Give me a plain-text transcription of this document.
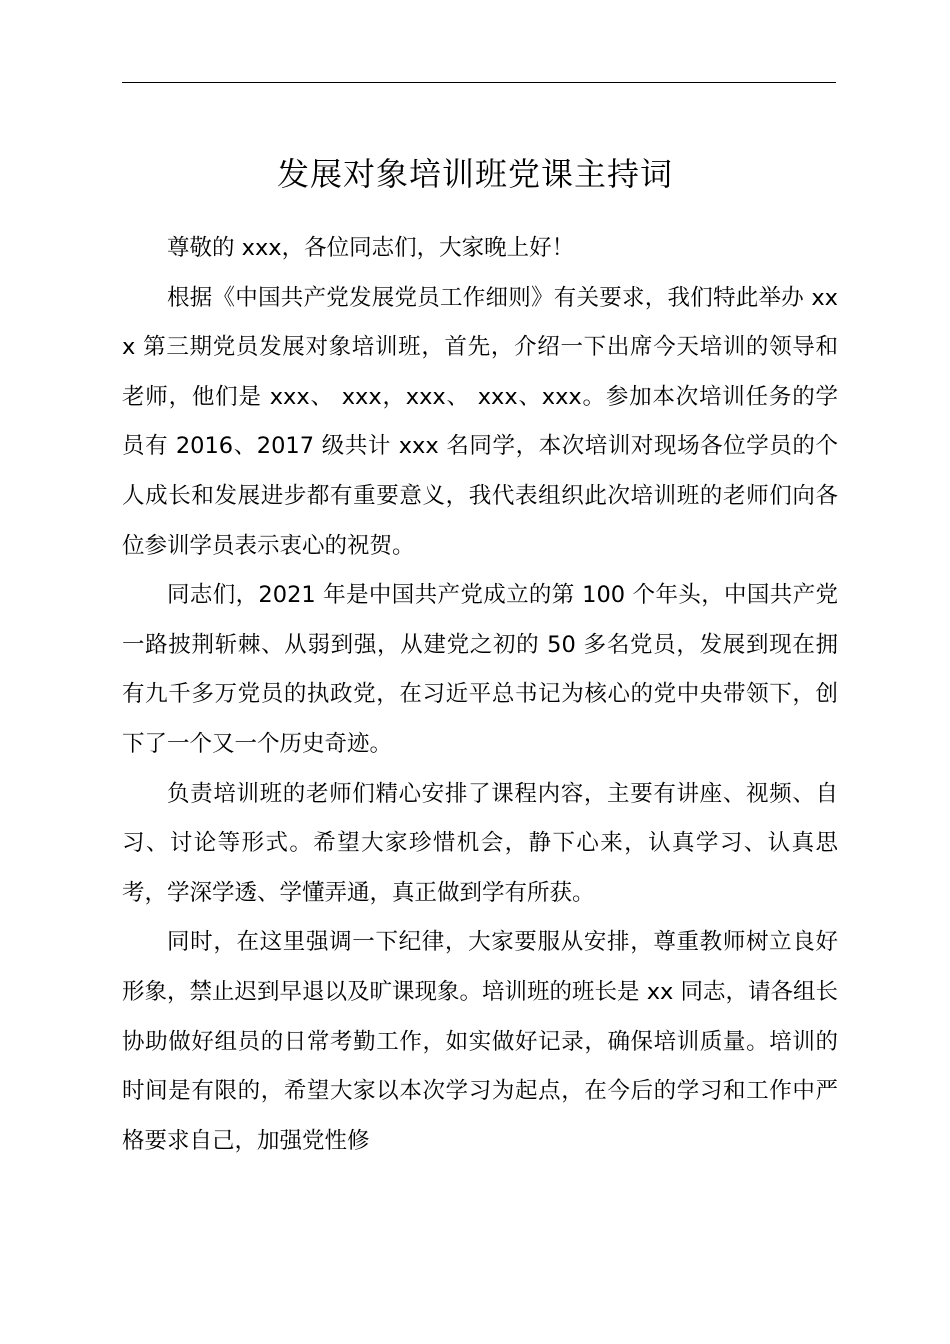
发展对象培训班党课主持词

尊敬的 xxx，各位同志们，大家晚上好！

根据《中国共产党发展党员工作细则》有关要求，我们特此举办 xxx 第三期党员发展对象培训班，首先，介绍一下出席今天培训的领导和老师，他们是 xxx、 xxx，xxx、 xxx、xxx。参加本次培训任务的学员有 2016、2017 级共计 xxx 名同学，本次培训对现场各位学员的个人成长和发展进步都有重要意义，我代表组织此次培训班的老师们向各位参训学员表示衷心的祝贺。

同志们，2021 年是中国共产党成立的第 100 个年头，中国共产党一路披荆斩棘、从弱到强，从建党之初的 50 多名党员，发展到现在拥有九千多万党员的执政党，在习近平总书记为核心的党中央带领下，创下了一个又一个历史奇迹。

负责培训班的老师们精心安排了课程内容，主要有讲座、视频、自习、讨论等形式。希望大家珍惜机会，静下心来，认真学习、认真思考，学深学透、学懂弄通，真正做到学有所获。

同时，在这里强调一下纪律，大家要服从安排，尊重教师树立良好形象，禁止迟到早退以及旷课现象。培训班的班长是 xx 同志，请各组长协助做好组员的日常考勤工作，如实做好记录，确保培训质量。培训的时间是有限的，希望大家以本次学习为起点，在今后的学习和工作中严格要求自己，加强党性修
